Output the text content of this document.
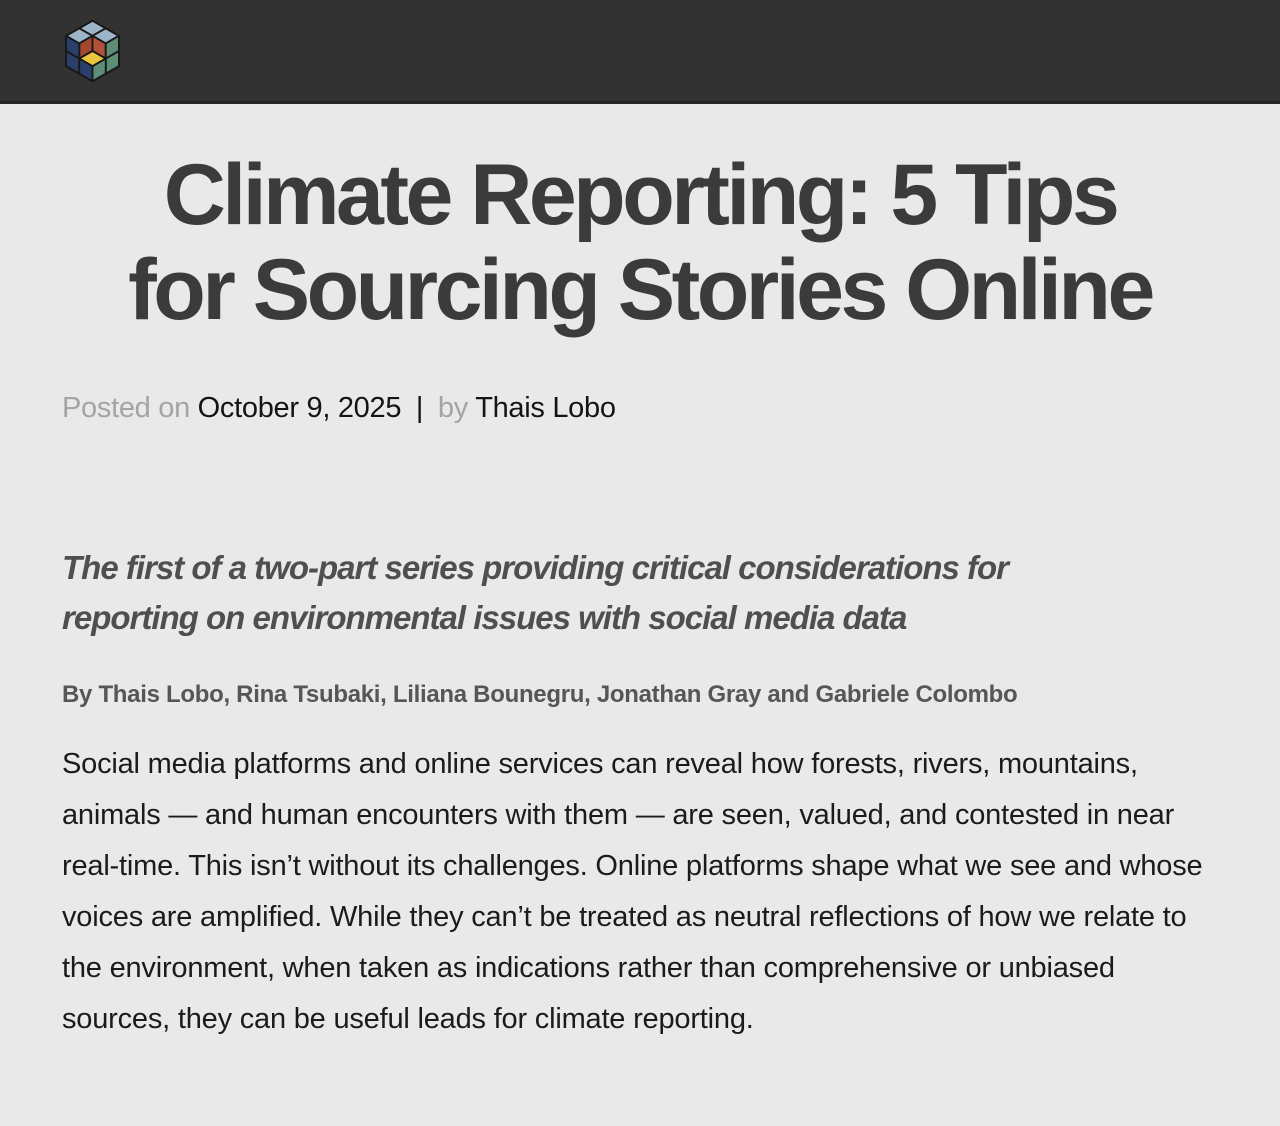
Climate Reporting: 5 Tips
for Sourcing Stories Online

Posted on October 9, 2025 | by Thais Lobo

The first of a two-part series providing critical considerations for
reporting on environmental issues with social media data

By Thais Lobo, Rina Tsubaki, Liliana Bounegru, Jonathan Gray and Gabriele Colombo

Social media platforms and online services can reveal how forests, rivers, mountains, animals — and human encounters with them — are seen, valued, and contested in near real-time. This isn’t without its challenges. Online platforms shape what we see and whose voices are amplified. While they can’t be treated as neutral reflections of how we relate to the environment, when taken as indications rather than comprehensive or unbiased sources, they can be useful leads for climate reporting.
